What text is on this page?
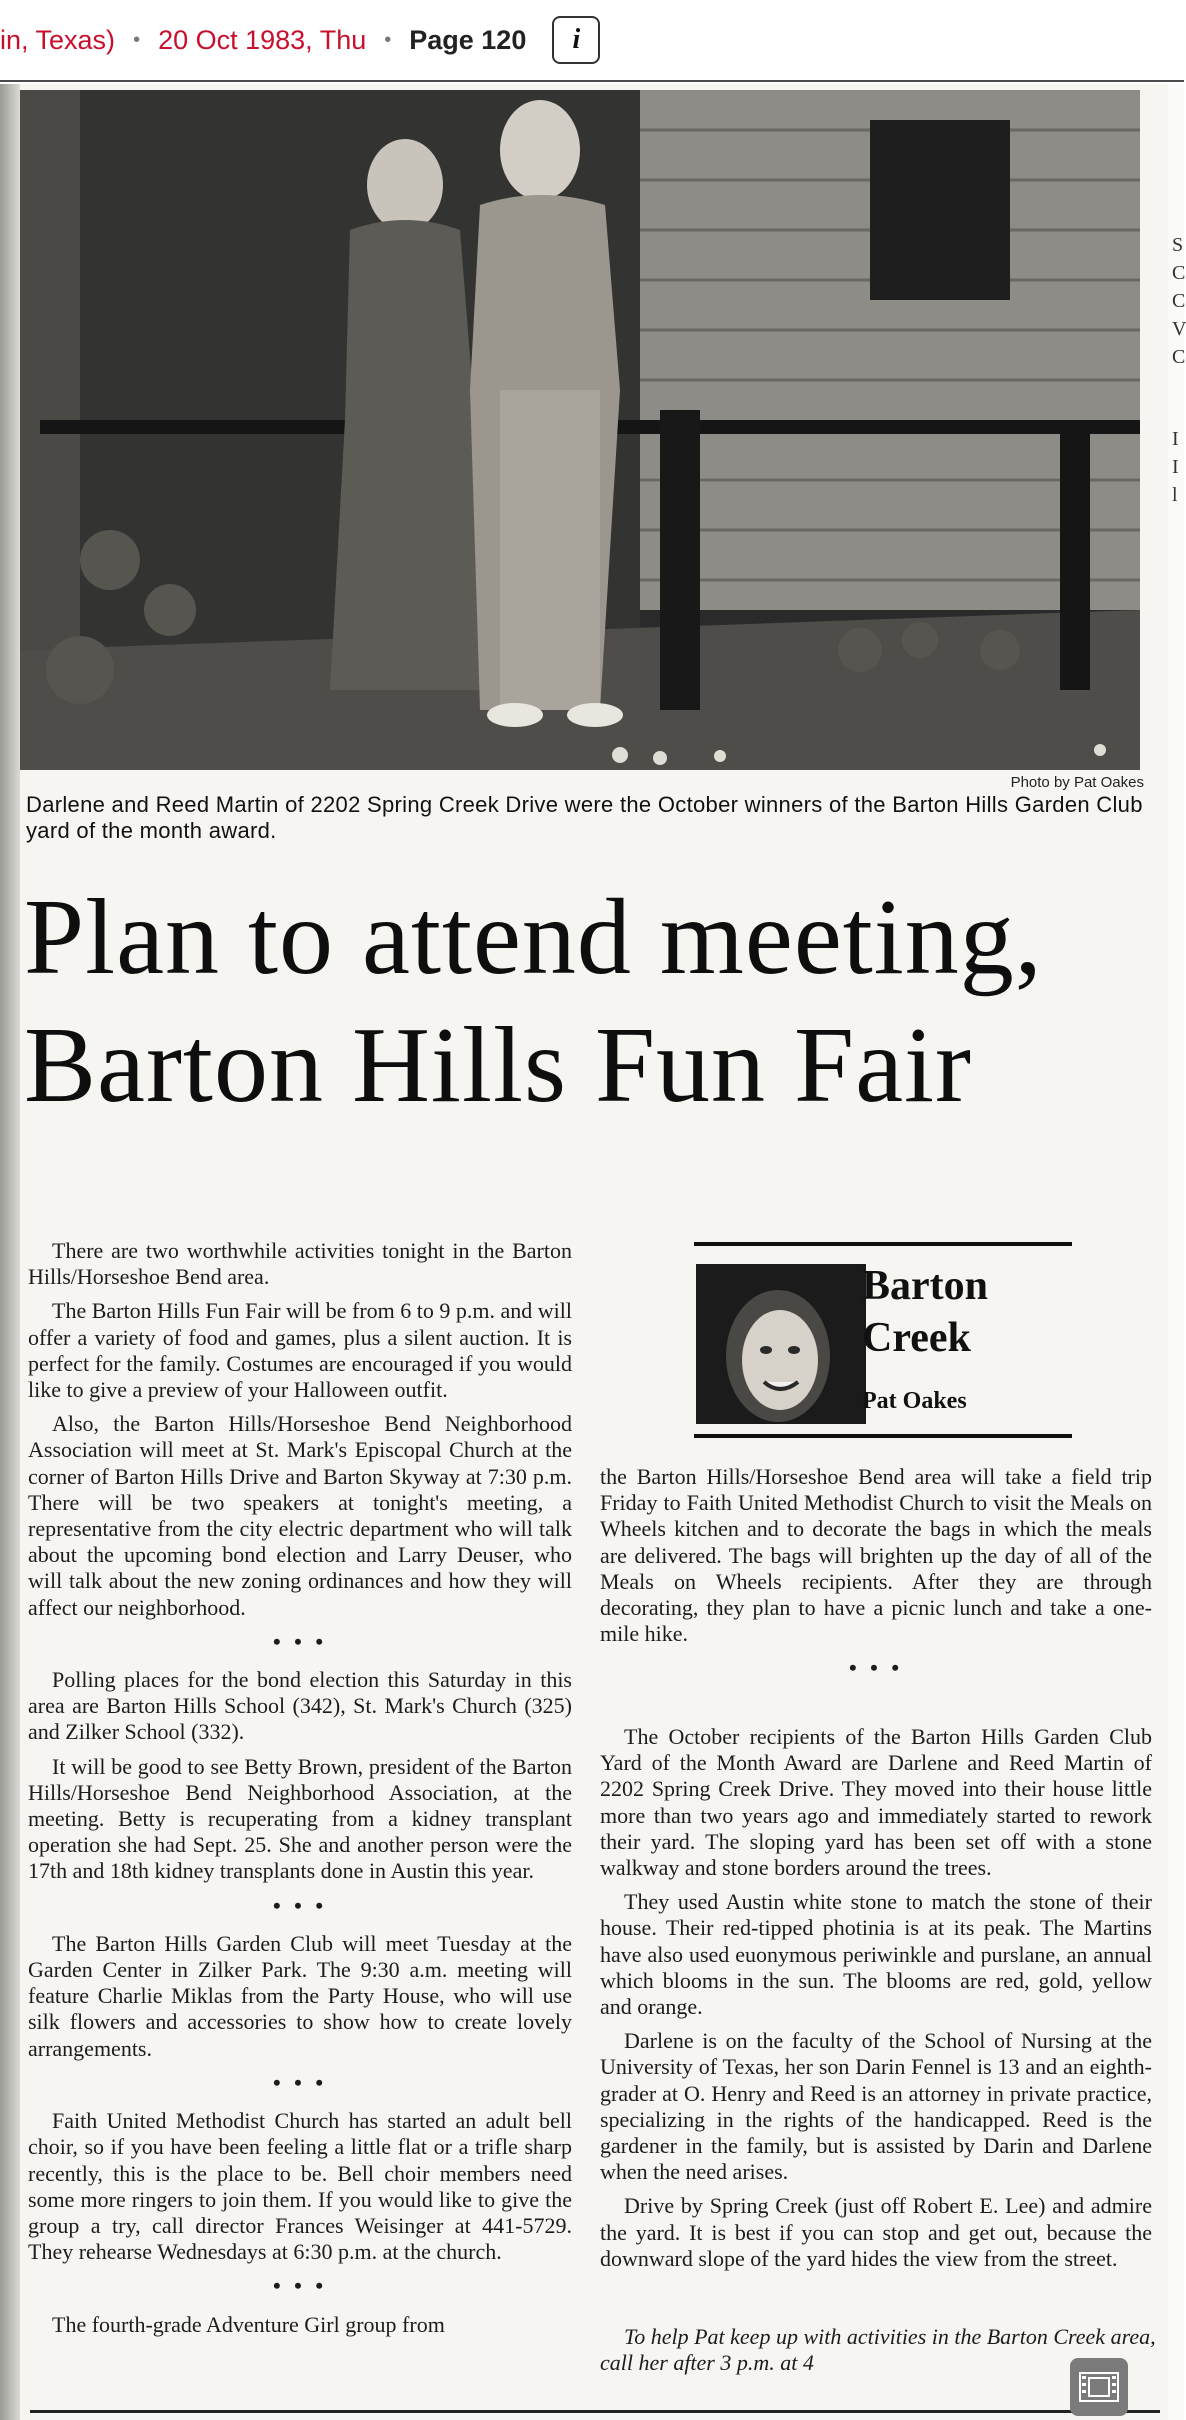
in, Texas) • 20 Oct 1983, Thu • Page 120 i
S
C
C
V
C
I
I
l
Photo by Pat Oakes
Darlene and Reed Martin of 2202 Spring Creek Drive were the October winners of the Barton Hills Garden Club yard of the month award.
Plan to attend meeting,
Barton Hills Fun Fair
Barton
Creek
Pat Oakes

There are two worthwhile activities tonight in the Barton Hills/Horseshoe Bend area.

The Barton Hills Fun Fair will be from 6 to 9 p.m. and will offer a variety of food and games, plus a silent auction. It is perfect for the family. Costumes are encouraged if you would like to give a preview of your Halloween outfit.

Also, the Barton Hills/Horseshoe Bend Neighborhood Association will meet at St. Mark's Episcopal Church at the corner of Barton Hills Drive and Barton Skyway at 7:30 p.m. There will be two speakers at tonight's meeting, a representative from the city electric department who will talk about the upcoming bond election and Larry Deuser, who will talk about the new zoning ordinances and how they will affect our neighborhood.

• • •

Polling places for the bond election this Saturday in this area are Barton Hills School (342), St. Mark's Church (325) and Zilker School (332).

It will be good to see Betty Brown, president of the Barton Hills/Horseshoe Bend Neighborhood Association, at the meeting. Betty is recuperating from a kidney transplant operation she had Sept. 25. She and another person were the 17th and 18th kidney transplants done in Austin this year.

• • •

The Barton Hills Garden Club will meet Tuesday at the Garden Center in Zilker Park. The 9:30 a.m. meeting will feature Charlie Miklas from the Party House, who will use silk flowers and accessories to show how to create lovely arrangements.

• • •

Faith United Methodist Church has started an adult bell choir, so if you have been feeling a little flat or a trifle sharp recently, this is the place to be. Bell choir members need some more ringers to join them. If you would like to give the group a try, call director Frances Weisinger at 441-5729. They rehearse Wednesdays at 6:30 p.m. at the church.

• • •

The fourth-grade Adventure Girl group from

the Barton Hills/Horseshoe Bend area will take a field trip Friday to Faith United Methodist Church to visit the Meals on Wheels kitchen and to decorate the bags in which the meals are delivered. The bags will brighten up the day of all of the Meals on Wheels recipients. After they are through decorating, they plan to have a picnic lunch and take a one-mile hike.

• • •

The October recipients of the Barton Hills Garden Club Yard of the Month Award are Darlene and Reed Martin of 2202 Spring Creek Drive. They moved into their house little more than two years ago and immediately started to rework their yard. The sloping yard has been set off with a stone walkway and stone borders around the trees.

They used Austin white stone to match the stone of their house. Their red-tipped photinia is at its peak. The Martins have also used euonymous periwinkle and purslane, an annual which blooms in the sun. The blooms are red, gold, yellow and orange.

Darlene is on the faculty of the School of Nursing at the University of Texas, her son Darin Fennel is 13 and an eighth-grader at O. Henry and Reed is an attorney in private practice, specializing in the rights of the handicapped. Reed is the gardener in the family, but is assisted by Darin and Darlene when the need arises.

Drive by Spring Creek (just off Robert E. Lee) and admire the yard. It is best if you can stop and get out, because the downward slope of the yard hides the view from the street.

To help Pat keep up with activities in the Barton Creek area, call her after 3 p.m. at 4
